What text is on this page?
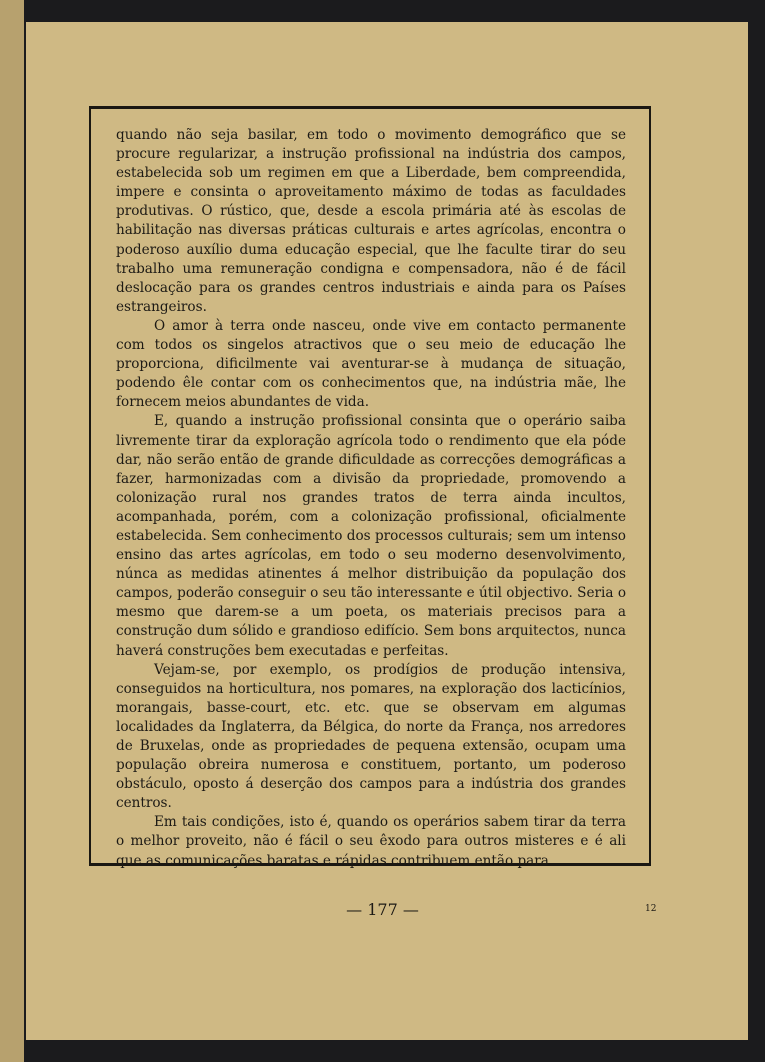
quando não seja basilar, em todo o movimento demográfico que se procure regularizar, a instrução profissional na indústria dos campos, estabelecida sob um regimen em que a Liberdade, bem compreendida, impere e consinta o aproveitamento máximo de todas as faculdades produtivas. O rústico, que, desde a escola primária até às escolas de habilitação nas diversas práticas culturais e artes agrícolas, encontra o poderoso auxílio duma educação especial, que lhe faculte tirar do seu trabalho uma remuneração condigna e compensadora, não é de fácil deslocação para os grandes centros industriais e ainda para os Países estrangeiros.

O amor à terra onde nasceu, onde vive em contacto permanente com todos os singelos atractivos que o seu meio de educação lhe proporciona, dificilmente vai aventurar-se à mudança de situação, podendo êle contar com os conhecimentos que, na indústria mãe, lhe fornecem meios abundantes de vida.

E, quando a instrução profissional consinta que o operário saiba livremente tirar da exploração agrícola todo o rendimento que ela póde dar, não serão então de grande dificuldade as correcções demográficas a fazer, harmonizadas com a divisão da propriedade, promovendo a colonização rural nos grandes tratos de terra ainda incultos, acompanhada, porém, com a colonização profissional, oficialmente estabelecida. Sem conhecimento dos processos culturais; sem um intenso ensino das artes agrícolas, em todo o seu moderno desenvolvimento, núnca as medidas atinentes á melhor distribuição da população dos campos, poderão conseguir o seu tão interessante e útil objectivo. Seria o mesmo que darem-se a um poeta, os materiais precisos para a construção dum sólido e grandioso edifício. Sem bons arquitectos, nunca haverá construções bem executadas e perfeitas.

Vejam-se, por exemplo, os prodígios de produção intensiva, conseguidos na horticultura, nos pomares, na exploração dos lacticínios, morangais, basse-court, etc. etc. que se observam em algumas localidades da Inglaterra, da Bélgica, do norte da França, nos arredores de Bruxelas, onde as propriedades de pequena extensão, ocupam uma população obreira numerosa e constituem, portanto, um poderoso obstáculo, oposto á deserção dos campos para a indústria dos grandes centros.

Em tais condições, isto é, quando os operários sabem tirar da terra o melhor proveito, não é fácil o seu êxodo para outros misteres e é ali que as comunicações baratas e rápidas contribuem então para

— 177 —	12
